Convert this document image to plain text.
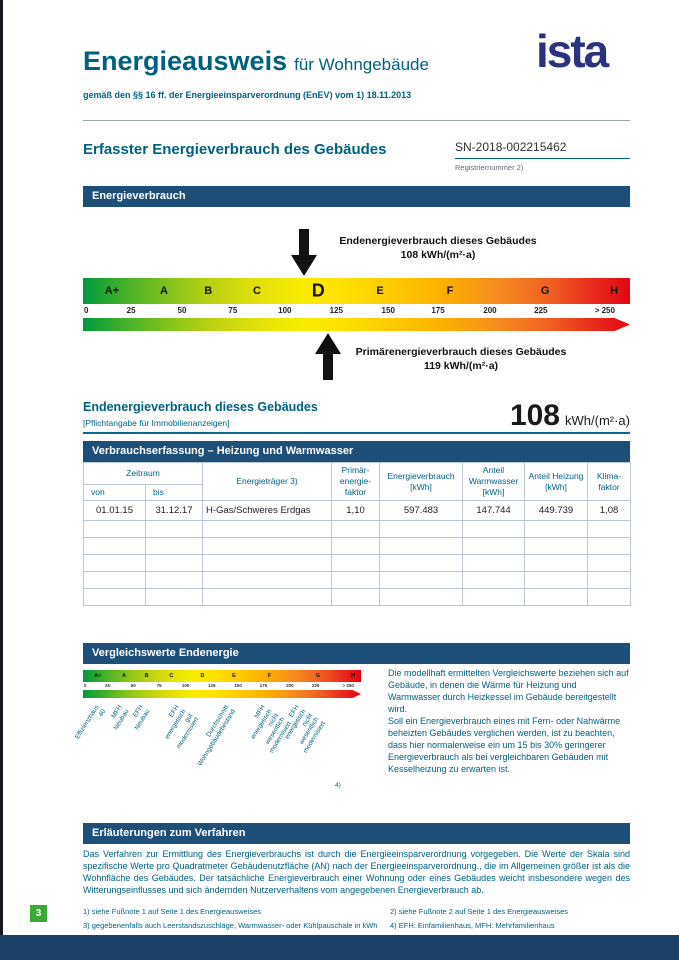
Energieausweis für Wohngebäude
gemäß den §§ 16 ff. der Energieeinsparverordnung (EnEV) vom 1) 18.11.2013
ista
Erfasster Energieverbrauch des Gebäudes	SN-2018-002215462
Registriernummer 2)
Energieverbrauch
Endenergieverbrauch dieses Gebäudes
108 kWh/(m²·a)
A+	A	B	C	D	E	F	G	H
0	25	50	75	100	125	150	175	200	225	> 250
Primärenergieverbrauch dieses Gebäudes
119 kWh/(m²·a)
Endenergieverbrauch dieses Gebäudes
[Pflichtangabe für Immobilienanzeigen]	108 kWh/(m²·a)
Verbrauchserfassung – Heizung und Warmwasser
Zeitraum		Energieträger 3)	Primär- energie- faktor	Energieverbrauch [kWh]	Anteil Warmwasser [kWh]	Anteil Heizung [kWh]	Klima- faktor
von	bis						
01.01.15	31.12.17	H-Gas/Schweres Erdgas	1,10	597.483	147.744	449.739	1,08

Vergleichswerte Endenergie
A+	A	B	C	D	E	F	G	H
0	25	50	75	100	125	150	175	200	225	> 250
Effizienzhaus 40 MFH Neubau EFH Neubau	EFH energetisch
gut modernisiert Durchschnitt
Wohngebäudebestand	MFH energetisch nicht
wesentlich modernisiert
EFH energetisch nicht
wesentlich modernisiert
4)

Die modellhaft ermittelten Vergleichswerte beziehen sich auf Gebäude, in denen die Wärme für Heizung und Warmwasser durch Heizkessel im Gebäude bereitgestellt wird.

Soll ein Energieverbrauch eines mit Fern- oder Nahwärme beheizten Gebäudes verglichen werden, ist zu beachten, dass hier normalerweise ein um 15 bis 30% geringerer Energieverbrauch als bei vergleichbaren Gebäuden mit Kesselheizung zu erwarten ist.

Erläuterungen zum Verfahren
Das Verfahren zur Ermittlung des Energieverbrauchs ist durch die Energieeinsparverordnung vorgegeben. Die Werte der Skala sind spezifische Werte pro Quadratmeter Gebäudenutzfläche (AN) nach der Energieeinsparverordnung., die im Allgemeinen größer ist als die Wohnfläche des Gebäudes. Der tatsächliche Energieverbrauch einer Wohnung oder eines Gebäudes weicht insbesondere wegen des Witterungseinflusses und sich ändernden Nutzerverhaltens vom angegebenen Energieverbrauch ab.
1) siehe Fußnote 1 auf Seite 1 des Energieausweises	2) siehe Fußnote 2 auf Seite 1 des Energieausweises
3) gegebenenfalls auch Leerstandszuschläge, Warmwasser- oder Kühlpauschale in kWh 4) EFH: Einfamilienhaus, MFH: Mehrfamilienhaus
3
